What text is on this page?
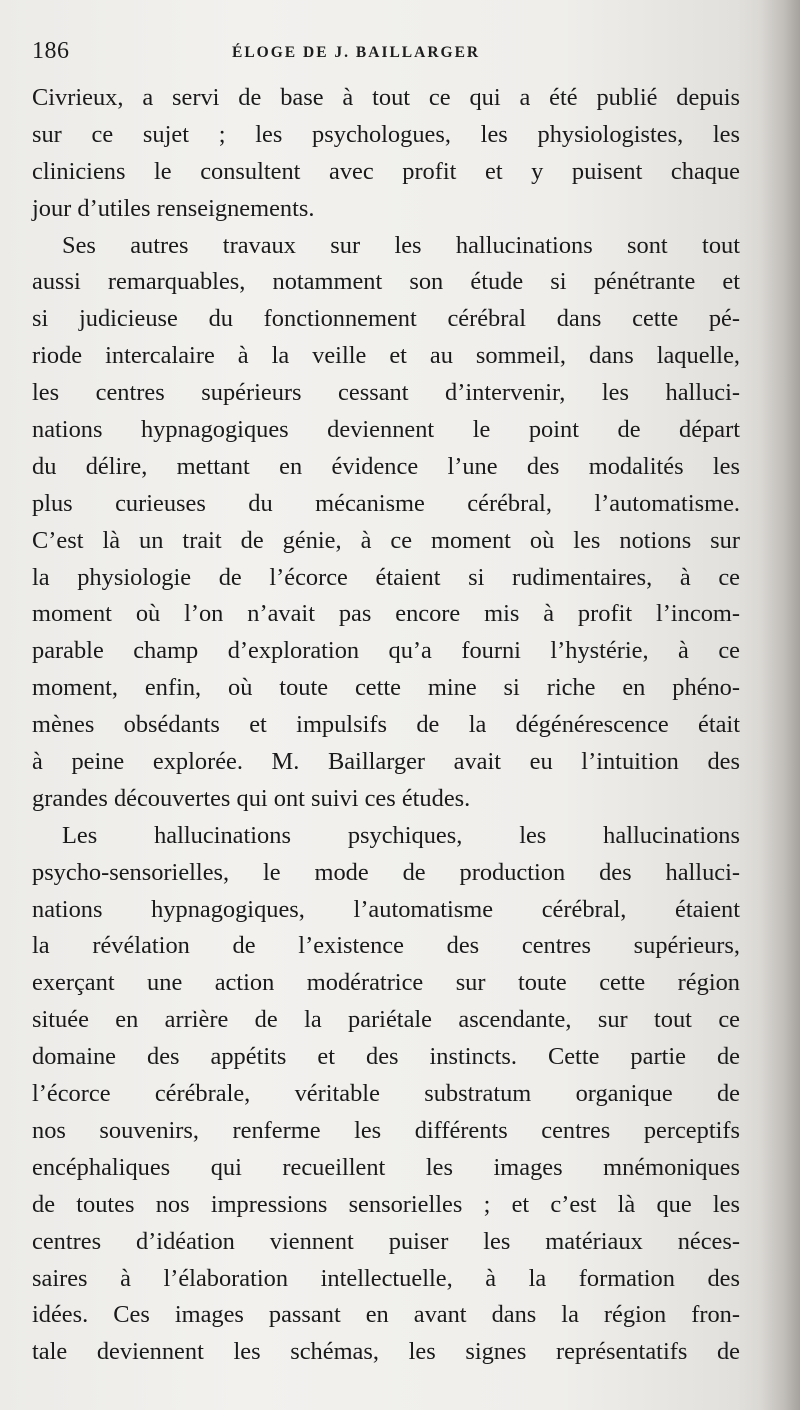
186	ÉLOGE DE J. BAILLARGER
Civrieux, a servi de base à tout ce qui a été publié depuis
sur ce sujet ; les psychologues, les physiologistes, les
cliniciens le consultent avec profit et y puisent chaque
jour d’utiles renseignements.
Ses autres travaux sur les hallucinations sont tout
aussi remarquables, notamment son étude si pénétrante et
si judicieuse du fonctionnement cérébral dans cette pé-
riode intercalaire à la veille et au sommeil, dans laquelle,
les centres supérieurs cessant d’intervenir, les halluci-
nations hypnagogiques deviennent le point de départ
du délire, mettant en évidence l’une des modalités les
plus curieuses du mécanisme cérébral, l’automatisme.
C’est là un trait de génie, à ce moment où les notions sur
la physiologie de l’écorce étaient si rudimentaires, à ce
moment où l’on n’avait pas encore mis à profit l’incom-
parable champ d’exploration qu’a fourni l’hystérie, à ce
moment, enfin, où toute cette mine si riche en phéno-
mènes obsédants et impulsifs de la dégénérescence était
à peine explorée. M. Baillarger avait eu l’intuition des
grandes découvertes qui ont suivi ces études.
Les hallucinations psychiques, les hallucinations
psycho-sensorielles, le mode de production des halluci-
nations hypnagogiques, l’automatisme cérébral, étaient
la révélation de l’existence des centres supérieurs,
exerçant une action modératrice sur toute cette région
située en arrière de la pariétale ascendante, sur tout ce
domaine des appétits et des instincts. Cette partie de
l’écorce cérébrale, véritable substratum organique de
nos souvenirs, renferme les différents centres perceptifs
encéphaliques qui recueillent les images mnémoniques
de toutes nos impressions sensorielles ; et c’est là que les
centres d’idéation viennent puiser les matériaux néces-
saires à l’élaboration intellectuelle, à la formation des
idées. Ces images passant en avant dans la région fron-
tale deviennent les schémas, les signes représentatifs de
